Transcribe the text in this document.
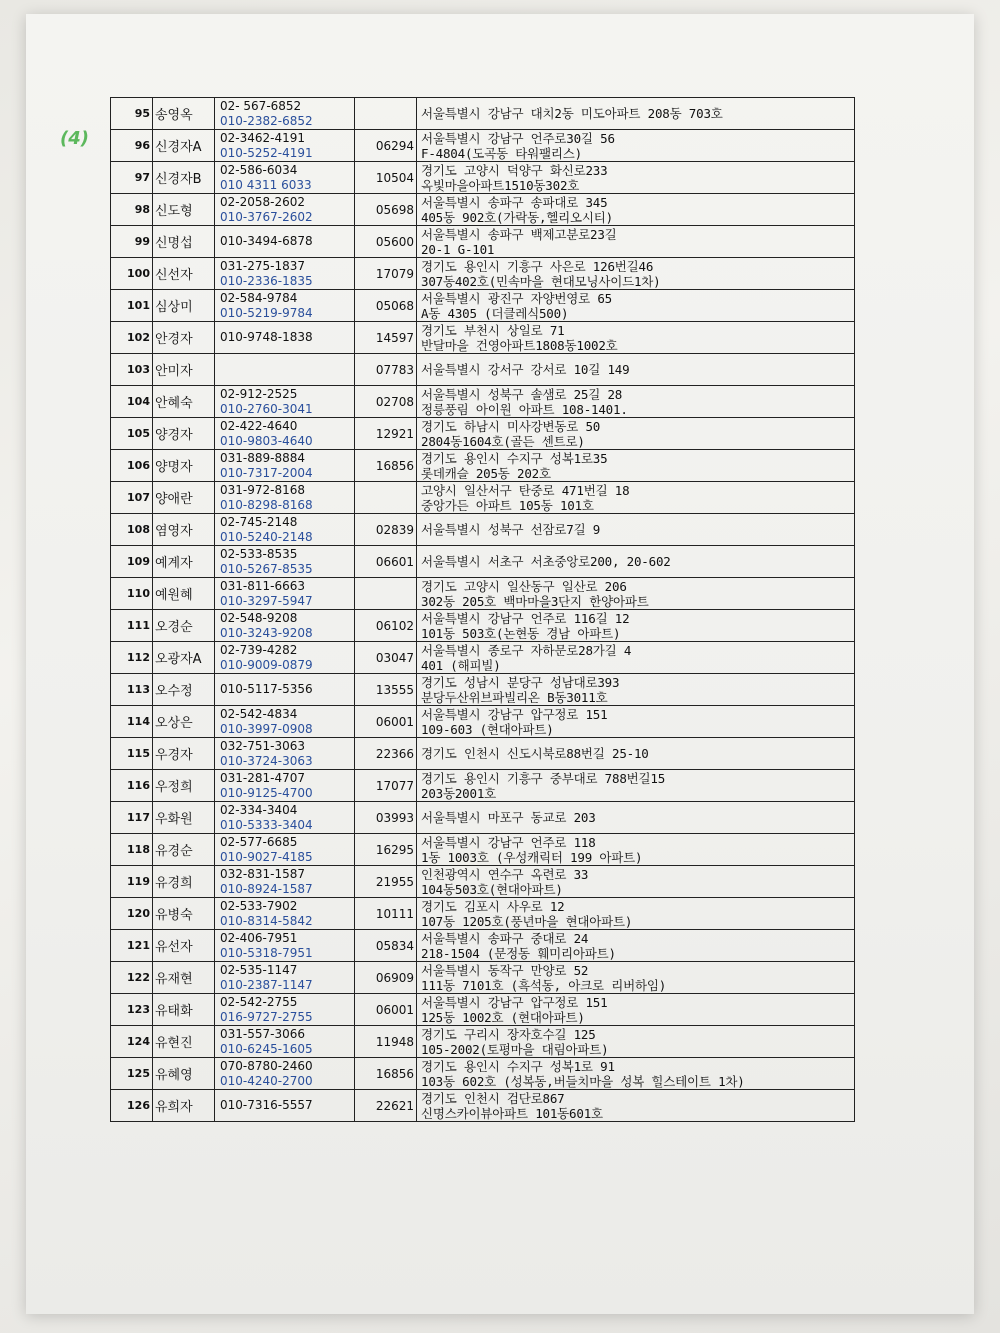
(4)
95	송영옥	02- 567-6852
010-2382-6852		서울특별시 강남구 대치2동 미도아파트 208동 703호

96	신경자A	02-3462-4191
010-5252-4191	06294	서울특별시 강남구 언주로30길 56
F-4804(도곡동 타워팰리스)

97	신경자B	02-586-6034
010 4311 6033	10504	경기도 고양시 덕양구 화신로233
옥빛마을아파트1510동302호

98	신도형	02-2058-2602
010-3767-2602	05698	서울특별시 송파구 송파대로 345
405동 902호(가락동,헬리오시티)

99	신명섭	010-3494-6878	05600	서울특별시 송파구 백제고분로23길
20-1 G-101

100	신선자	031-275-1837
010-2336-1835	17079	경기도 용인시 기흥구 사은로 126번길46
307동402호(민속마을 현대모닝사이드1차)

101	심상미	02-584-9784
010-5219-9784	05068	서울특별시 광진구 자양번영로 65
A동 4305 (더클레식500)

102	안경자	010-9748-1838	14597	경기도 부천시 상일로 71
반달마을 건영아파트1808동1002호

103	안미자		07783	서울특별시 강서구 강서로 10길 149

104	안혜숙	02-912-2525
010-2760-3041	02708	서울특별시 성북구 솔샘로 25길 28
정릉풍림 아이원 아파트 108-1401.

105	양경자	02-422-4640
010-9803-4640	12921	경기도 하남시 미사강변동로 50
2804동1604호(골든 센트로)

106	양명자	031-889-8884
010-7317-2004	16856	경기도 용인시 수지구 성복1로35
롯데캐슬 205동 202호

107	양애란	031-972-8168
010-8298-8168		고양시 일산서구 탄중로 471번길 18
중앙가든 아파트 105동 101호

108	염영자	02-745-2148
010-5240-2148	02839	서울특별시 성북구 선잠로7길 9

109	예계자	02-533-8535
010-5267-8535	06601	서울특별시 서초구 서초중앙로200, 20-602

110	예원혜	031-811-6663
010-3297-5947		경기도 고양시 일산동구 일산로 206
302동 205호 백마마을3단지 한양아파트

111	오경순	02-548-9208
010-3243-9208	06102	서울특별시 강남구 언주로 116길 12
101동 503호(논현동 경남 아파트)

112	오광자A	02-739-4282
010-9009-0879	03047	서울특별시 종로구 자하문로28가길 4
401 (해피빌)

113	오수정	010-5117-5356	13555	경기도 성남시 분당구 성남대로393
분당두산위브파빌리온 B동3011호

114	오상은	02-542-4834
010-3997-0908	06001	서울특별시 강남구 압구정로 151
109-603 (현대아파트)

115	우경자	032-751-3063
010-3724-3063	22366	경기도 인천시 신도시북로88번길 25-10

116	우정희	031-281-4707
010-9125-4700	17077	경기도 용인시 기흥구 중부대로 788번길15
203동2001호

117	우화원	02-334-3404
010-5333-3404	03993	서울특별시 마포구 동교로 203

118	유경순	02-577-6685
010-9027-4185	16295	서울특별시 강남구 언주로 118
1동 1003호 (우성캐릭터 199 아파트)

119	유경희	032-831-1587
010-8924-1587	21955	인천광역시 연수구 옥련로 33
104동503호(현대아파트)

120	유병숙	02-533-7902
010-8314-5842	10111	경기도 김포시 사우로 12
107동 1205호(풍년마을 현대아파트)

121	유선자	02-406-7951
010-5318-7951	05834	서울특별시 송파구 중대로 24
218-1504 (문정동 훼미리아파트)

122	유재현	02-535-1147
010-2387-1147	06909	서울특별시 동작구 만양로 52
111동 7101호 (흑석동, 아크로 리버하임)

123	유태화	02-542-2755
016-9727-2755	06001	서울특별시 강남구 압구정로 151
125동 1002호 (현대아파트)

124	유현진	031-557-3066
010-6245-1605	11948	경기도 구리시 장자호수길 125
105-2002(토평마을 대림아파트)

125	유혜영	070-8780-2460
010-4240-2700	16856	경기도 용인시 수지구 성복1로 91
103동 602호 (성복동,버들치마을 성복 힐스테이트 1차)

126	유희자	010-7316-5557	22621	경기도 인천시 검단로867
신명스카이뷰아파트 101동601호
